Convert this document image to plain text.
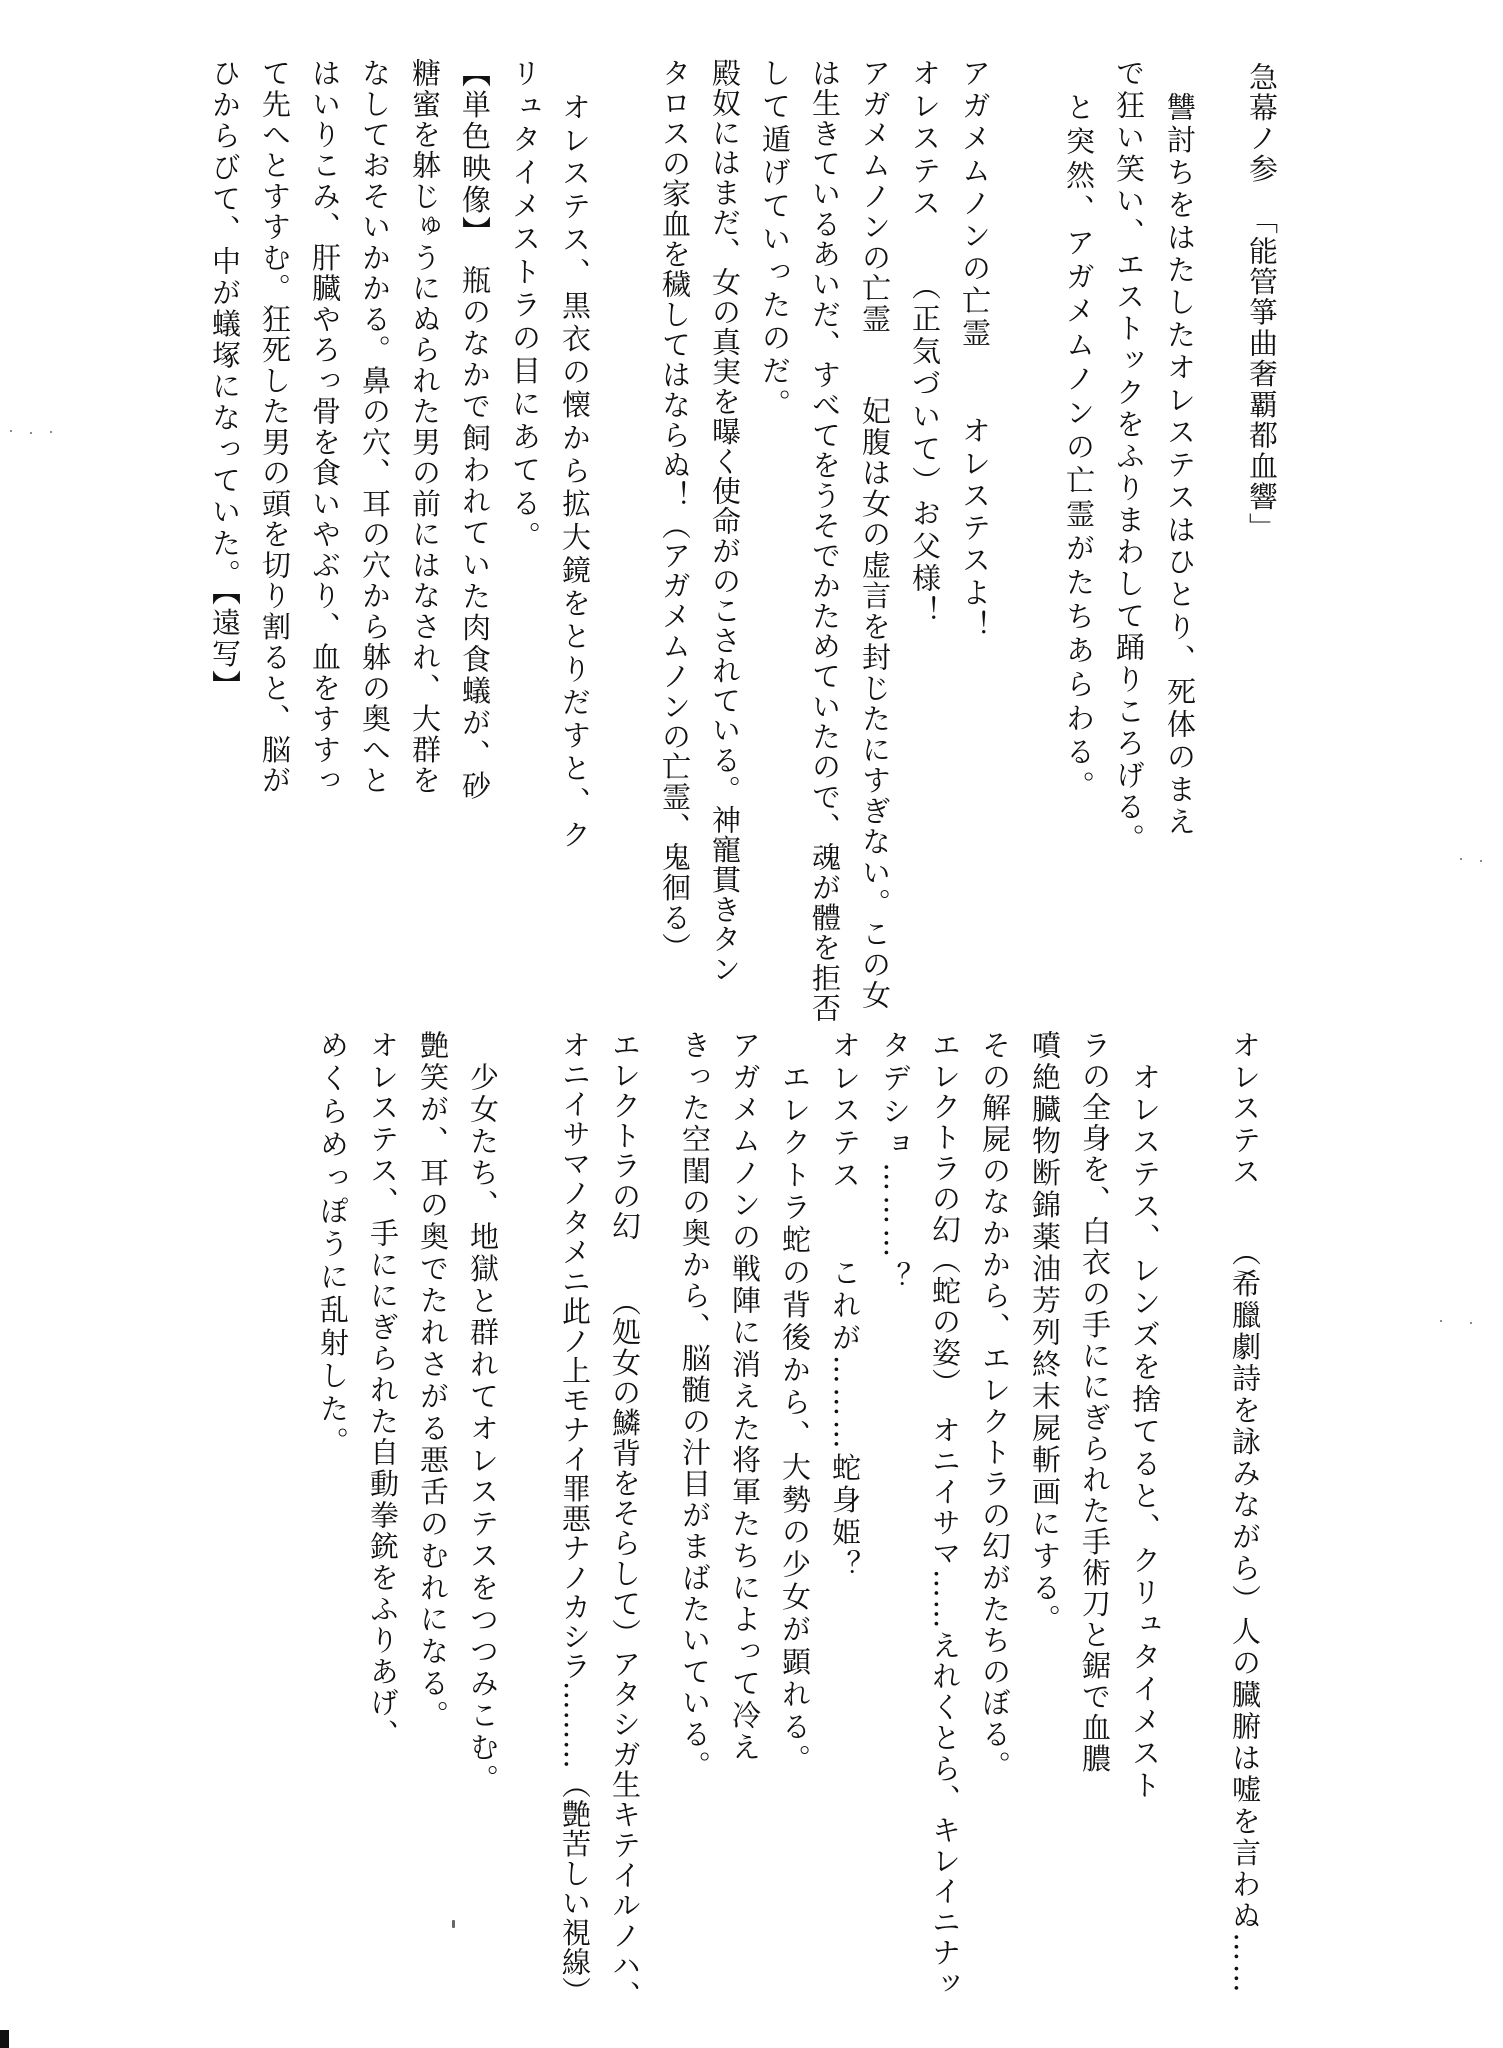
急幕ノ参
「能管箏曲奢覇都血響」
讐討ちをはたしたオレステスはひとり、死体のまえ
で狂い笑い、エストックをふりまわして踊りころげる。
と突然、アガメムノンの亡霊がたちあらわる。
アガメムノンの亡霊　　オレステスよ！
オレステス　　（正気づいて）お父様！
アガメムノンの亡霊　　妃腹は女の虚言を封じたにすぎない。この女
は生きているあいだ、すべてをうそでかためていたので、魂が體を拒否
して遁げていったのだ。
殿奴にはまだ、女の真実を曝く使命がのこされている。神寵貫きタン
タロスの家血を穢してはならぬ！（アガメムノンの亡霊、鬼徊る）
オレステス、黒衣の懐から拡大鏡をとりだすと、ク
リュタイメストラの目にあてる。
【単色映像】　瓶のなかで飼われていた肉食蟻が、砂
糖蜜を躰じゅうにぬられた男の前にはなされ、大群を
なしておそいかかる。鼻の穴、耳の穴から躰の奥へと
はいりこみ、肝臓やろっ骨を食いやぶり、血をすすっ
て先へとすすむ。狂死した男の頭を切り割ると、脳が
ひからびて、中が蟻塚になっていた。【遠写】
オレステス　　（希臘劇詩を詠みながら）人の臓腑は嘘を言わぬ……
オレステス、レンズを捨てると、クリュタイメスト
ラの全身を、白衣の手ににぎられた手術刀と鋸で血膿
噴絶臓物断錦薬油芳列終末屍斬画にする。
その解屍のなかから、エレクトラの幻がたちのぼる。
エレクトラの幻（蛇の姿）　オニイサマ……えれくとら、キレイニナッ
タデショ………？
オレステス　　これが………蛇身姫？
エレクトラ蛇の背後から、大勢の少女が顕れる。
アガメムノンの戦陣に消えた将軍たちによって冷え
きった空閨の奥から、脳髄の汁目がまばたいている。
エレクトラの幻　　（処女の鱗背をそらして）アタシガ生キテイルノハ、
オニイサマノタメニ此ノ上モナイ罪悪ナノカシラ………（艶苦しい視線）
少女たち、地獄と群れてオレステスをつつみこむ。
艶笑が、耳の奥でたれさがる悪舌のむれになる。
オレステス、手ににぎられた自動拳銃をふりあげ、
めくらめっぽうに乱射した。
